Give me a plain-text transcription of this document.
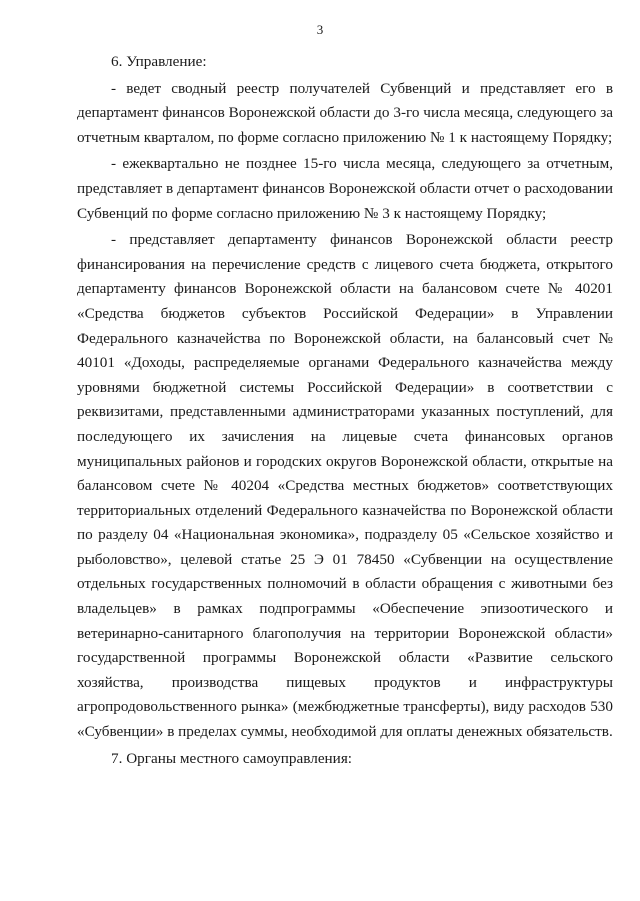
3

6. Управление:

- ведет сводный реестр получателей Субвенций и представляет его в департамент финансов Воронежской области до 3-го числа месяца, следующего за отчетным кварталом, по форме согласно приложению № 1 к настоящему Порядку;

- ежеквартально не позднее 15-го числа месяца, следующего за отчетным, представляет в департамент финансов Воронежской области отчет о расходовании Субвенций по форме согласно приложению № 3 к настоящему Порядку;

- представляет департаменту финансов Воронежской области реестр финансирования на перечисление средств с лицевого счета бюджета, открытого департаменту финансов Воронежской области на балансовом счете № 40201 «Средства бюджетов субъектов Российской Федерации» в Управлении Федерального казначейства по Воронежской области, на балансовый счет № 40101 «Доходы, распределяемые органами Федерального казначейства между уровнями бюджетной системы Российской Федерации» в соответствии с реквизитами, представленными администраторами указанных поступлений, для последующего их зачисления на лицевые счета финансовых органов муниципальных районов и городских округов Воронежской области, открытые на балансовом счете № 40204 «Средства местных бюджетов» соответствующих территориальных отделений Федерального казначейства по Воронежской области по разделу 04 «Национальная экономика», подразделу 05 «Сельское хозяйство и рыболовство», целевой статье 25 Э 01 78450 «Субвенции на осуществление отдельных государственных полномочий в области обращения с животными без владельцев» в рамках подпрограммы «Обеспечение эпизоотического и ветеринарно-санитарного благополучия на территории Воронежской области» государственной программы Воронежской области «Развитие сельского хозяйства, производства пищевых продуктов и инфраструктуры агропродовольственного рынка» (межбюджетные трансферты), виду расходов 530 «Субвенции» в пределах суммы, необходимой для оплаты денежных обязательств.

7. Органы местного самоуправления:
